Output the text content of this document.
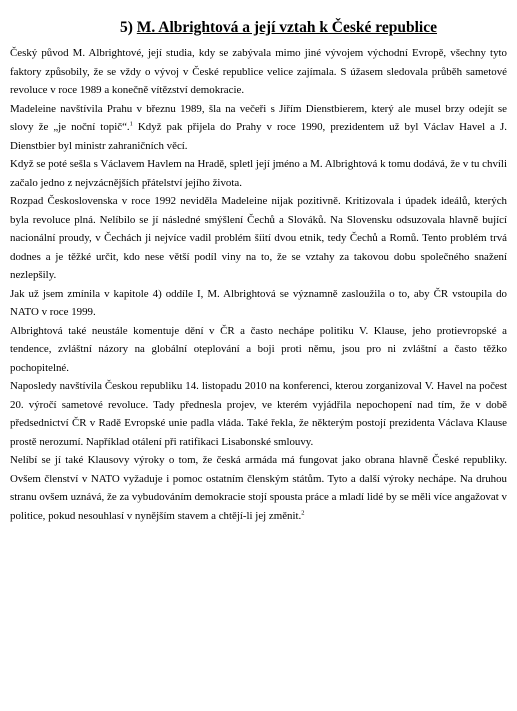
5) M. Albrightová a její vztah k České republice

Český původ M. Albrightové, její studia, kdy se zabývala mimo jiné vývojem východní Evropě, všechny tyto faktory způsobily, že se vždy o vývoj v České republice velice zajímala. S úžasem sledovala průběh sametové revoluce v roce 1989 a konečně vítězství demokracie.

Madeleine navštívila Prahu v březnu 1989, šla na večeři s Jiřím Dienstbierem, který ale musel brzy odejít se slovy že „je noční topič“.$^1$ Když pak přijela do Prahy v roce 1990, prezidentem už byl Václav Havel a J. Dienstbier byl ministr zahraničních věcí.

Když se poté sešla s Václavem Havlem na Hradě, spletl její jméno a M. Albrightová k tomu dodává, že v tu chvíli začalo jedno z nejvzácnějších přátelství jejího života.

Rozpad Československa v roce 1992 neviděla Madeleine nijak pozitivně. Kritizovala i úpadek ideálů, kterých byla revoluce plná. Nelíbilo se jí následné smýšlení Čechů a Slováků. Na Slovensku odsuzovala hlavně bující nacionální proudy, v Čechách ji nejvíce vadil problém šíití dvou etnik, tedy Čechů a Romů. Tento problém trvá dodnes a je těžké určit, kdo nese větší podíl viny na to, že se vztahy za takovou dobu společného snažení nezlepšily.

Jak už jsem zmínila v kapitole 4) oddíle I, M. Albrightová se významně zasloužila o to, aby ČR vstoupila do NATO v roce 1999.

Albrightová také neustále komentuje dění v ČR a často nechápe politiku V. Klause, jeho protievropské a tendence, zvláštní názory na globální oteplování a boji proti němu, jsou pro ni zvláštní a často těžko pochopitelné.

Naposledy navštívila Českou republiku 14. listopadu 2010 na konferenci, kterou zorganizoval V. Havel na počest 20. výročí sametové revoluce. Tady přednesla projev, ve kterém vyjádřila nepochopení nad tím, že v době předsednictví ČR v Radě Evropské unie padla vláda. Také řekla, že některým postojí prezidenta Václava Klause prostě nerozumí. Například otálení při ratifikaci Lisabonské smlouvy.

Nelíbí se jí také Klausovy výroky o tom, že česká armáda má fungovat jako obrana hlavně České republiky. Ovšem členství v NATO vyžaduje i pomoc ostatním členským státům. Tyto a další výroky nechápe. Na druhou stranu ovšem uznává, že za vybudováním demokracie stojí spousta práce a mladí lidé by se měli více angažovat v politice, pokud nesouhlasí v nynějším stavem a chtějí-li jej změnit.$^2$
